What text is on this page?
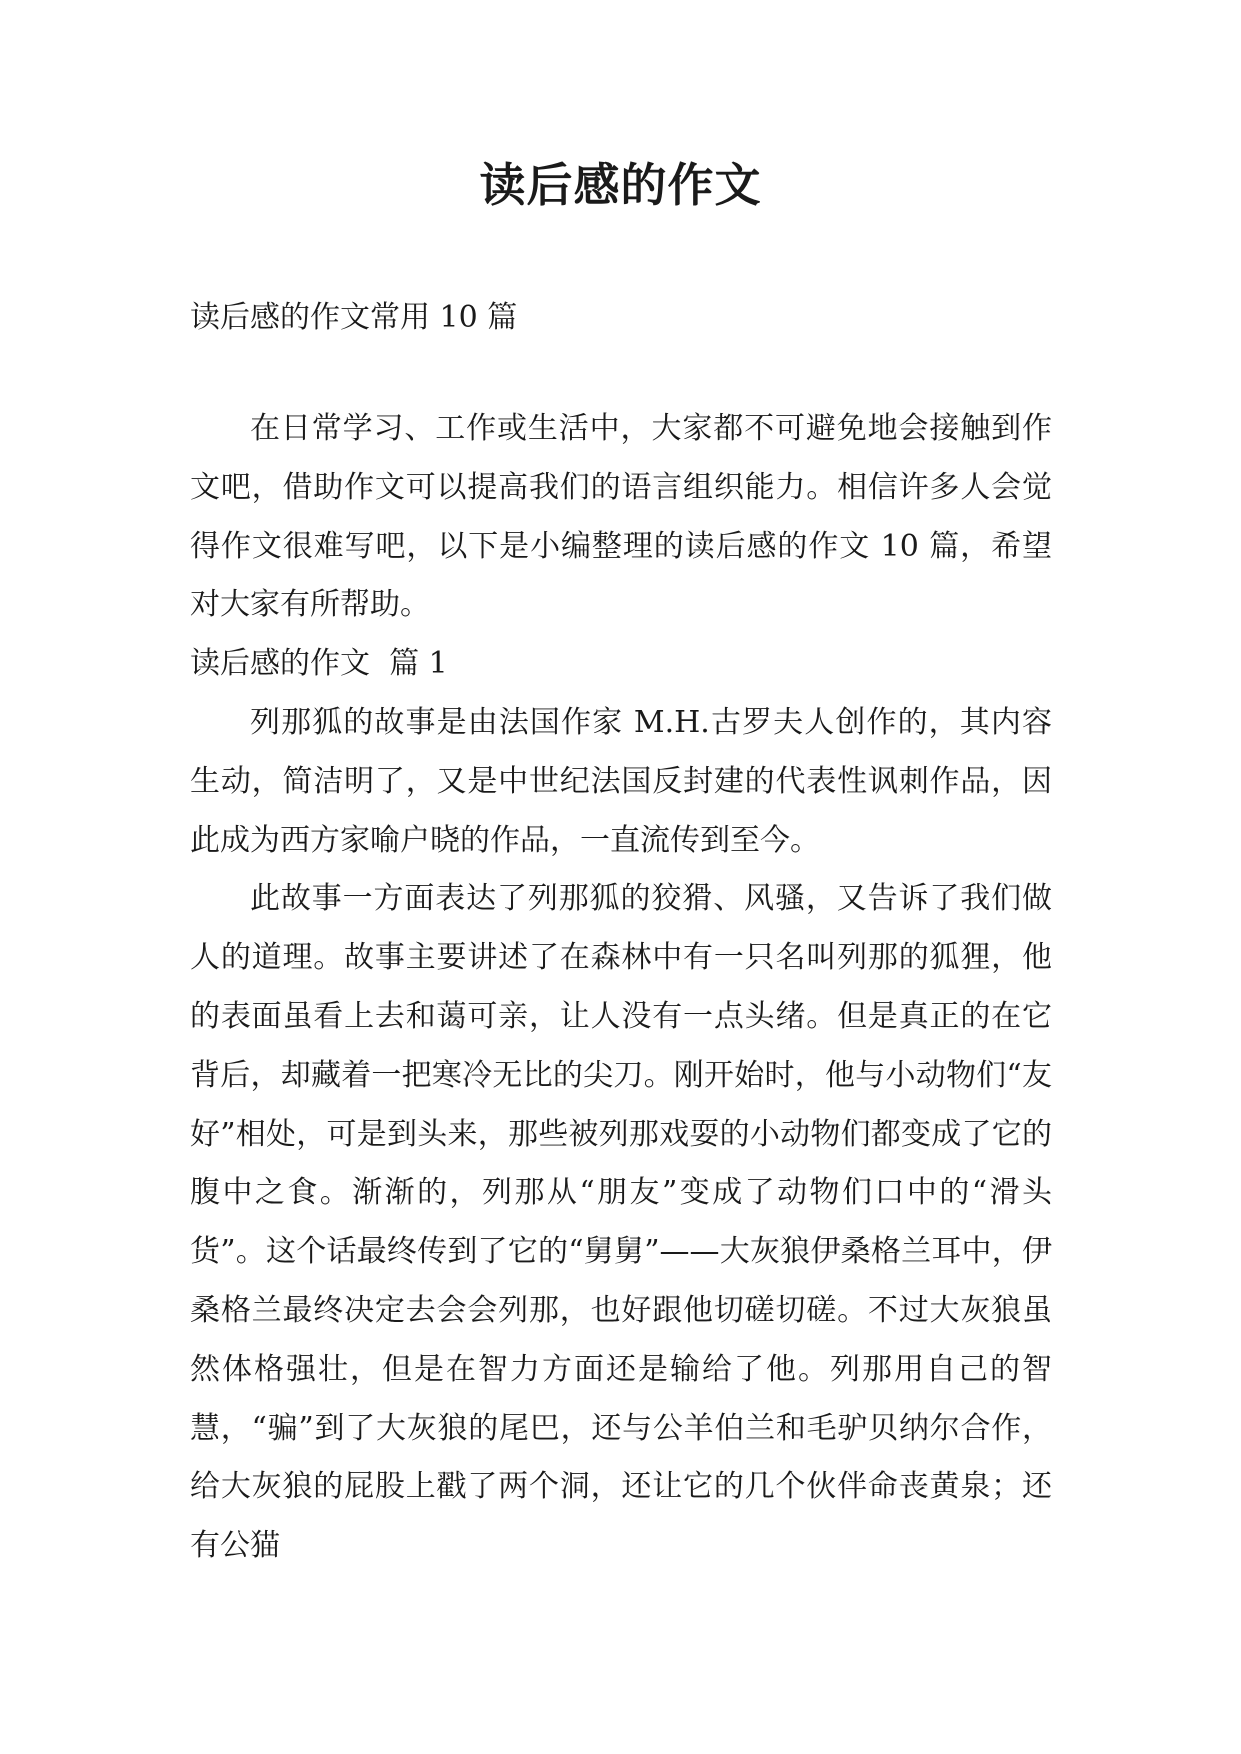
读后感的作文

读后感的作文常用 10 篇

在日常学习、工作或生活中，大家都不可避免地会接触到作文吧，借助作文可以提高我们的语言组织能力。相信许多人会觉得作文很难写吧，以下是小编整理的读后感的作文 10 篇，希望对大家有所帮助。

读后感的作文  篇 1

列那狐的故事是由法国作家 M.H.古罗夫人创作的，其内容生动，简洁明了，又是中世纪法国反封建的代表性讽刺作品，因此成为西方家喻户晓的作品，一直流传到至今。

此故事一方面表达了列那狐的狡猾、风骚，又告诉了我们做人的道理。故事主要讲述了在森林中有一只名叫列那的狐狸，他的表面虽看上去和蔼可亲，让人没有一点头绪。但是真正的在它背后，却藏着一把寒冷无比的尖刀。刚开始时，他与小动物们“友好”相处，可是到头来，那些被列那戏耍的小动物们都变成了它的腹中之食。渐渐的，列那从“朋友”变成了动物们口中的“滑头货”。这个话最终传到了它的“舅舅”——大灰狼伊桑格兰耳中，伊桑格兰最终决定去会会列那，也好跟他切磋切磋。不过大灰狼虽然体格强壮，但是在智力方面还是输给了他。列那用自己的智慧，“骗”到了大灰狼的尾巴，还与公羊伯兰和毛驴贝纳尔合作，给大灰狼的屁股上戳了两个洞，还让它的几个伙伴命丧黄泉；还有公猫
